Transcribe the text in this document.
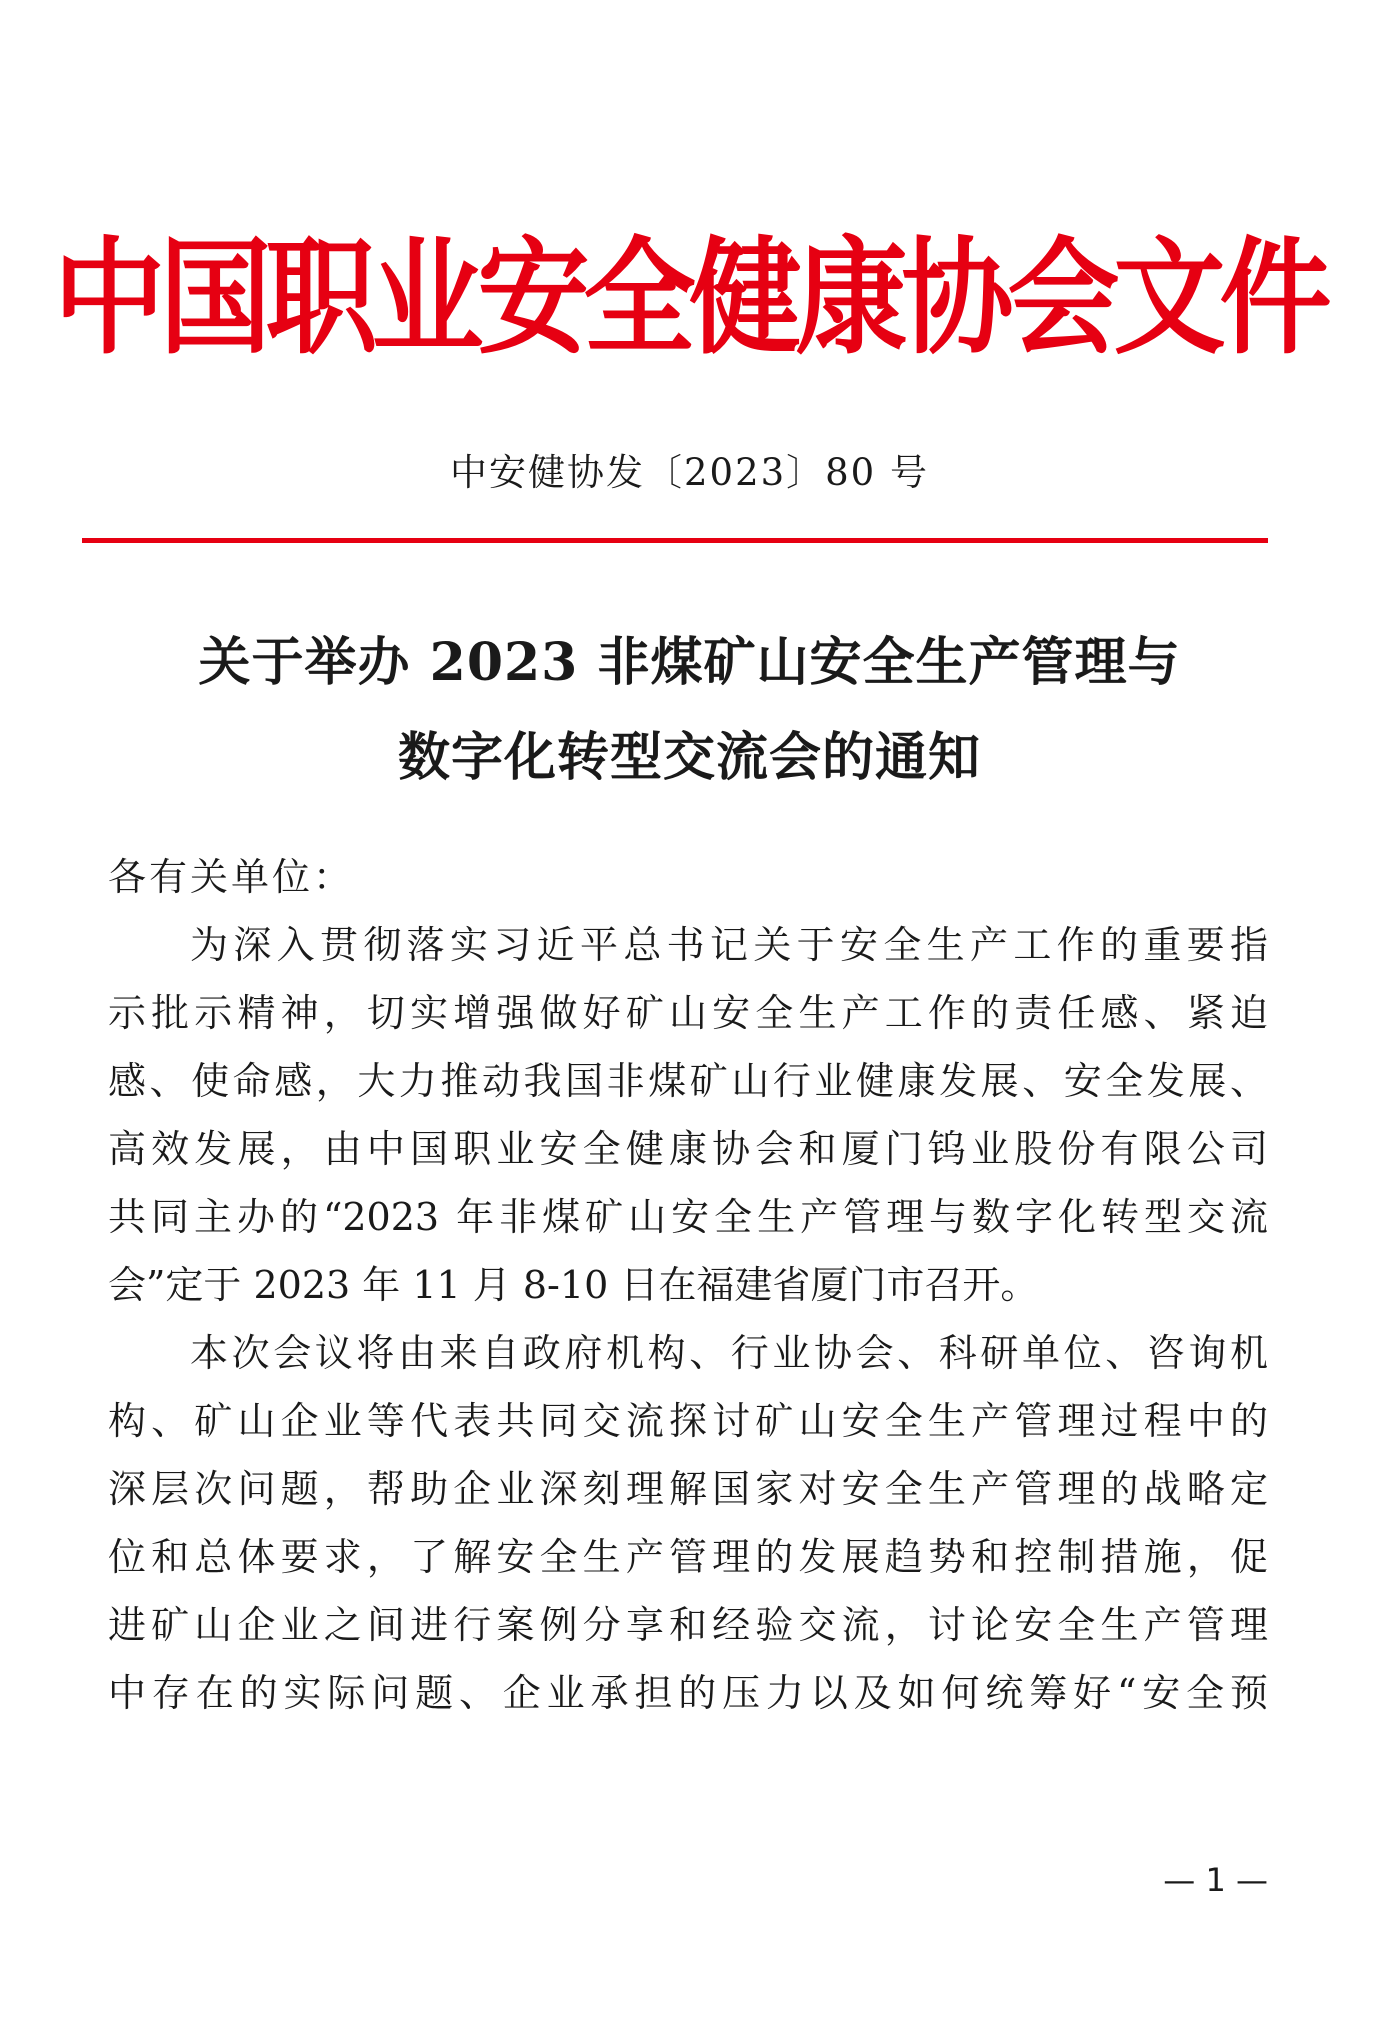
中国职业安全健康协会文件
中安健协发〔2023〕80 号
关于举办 2023 非煤矿山安全生产管理与
数字化转型交流会的通知
各有关单位：
为深入贯彻落实习近平总书记关于安全生产工作的重要指
示批示精神，切实增强做好矿山安全生产工作的责任感、紧迫
感、使命感，大力推动我国非煤矿山行业健康发展、安全发展、
高效发展，由中国职业安全健康协会和厦门钨业股份有限公司
共同主办的“2023 年非煤矿山安全生产管理与数字化转型交流
会”定于 2023 年 11 月 8-10 日在福建省厦门市召开。
本次会议将由来自政府机构、行业协会、科研单位、咨询机
构、矿山企业等代表共同交流探讨矿山安全生产管理过程中的
深层次问题，帮助企业深刻理解国家对安全生产管理的战略定
位和总体要求，了解安全生产管理的发展趋势和控制措施，促
进矿山企业之间进行案例分享和经验交流，讨论安全生产管理
中存在的实际问题、企业承担的压力以及如何统筹好“安全预
— 1 —
